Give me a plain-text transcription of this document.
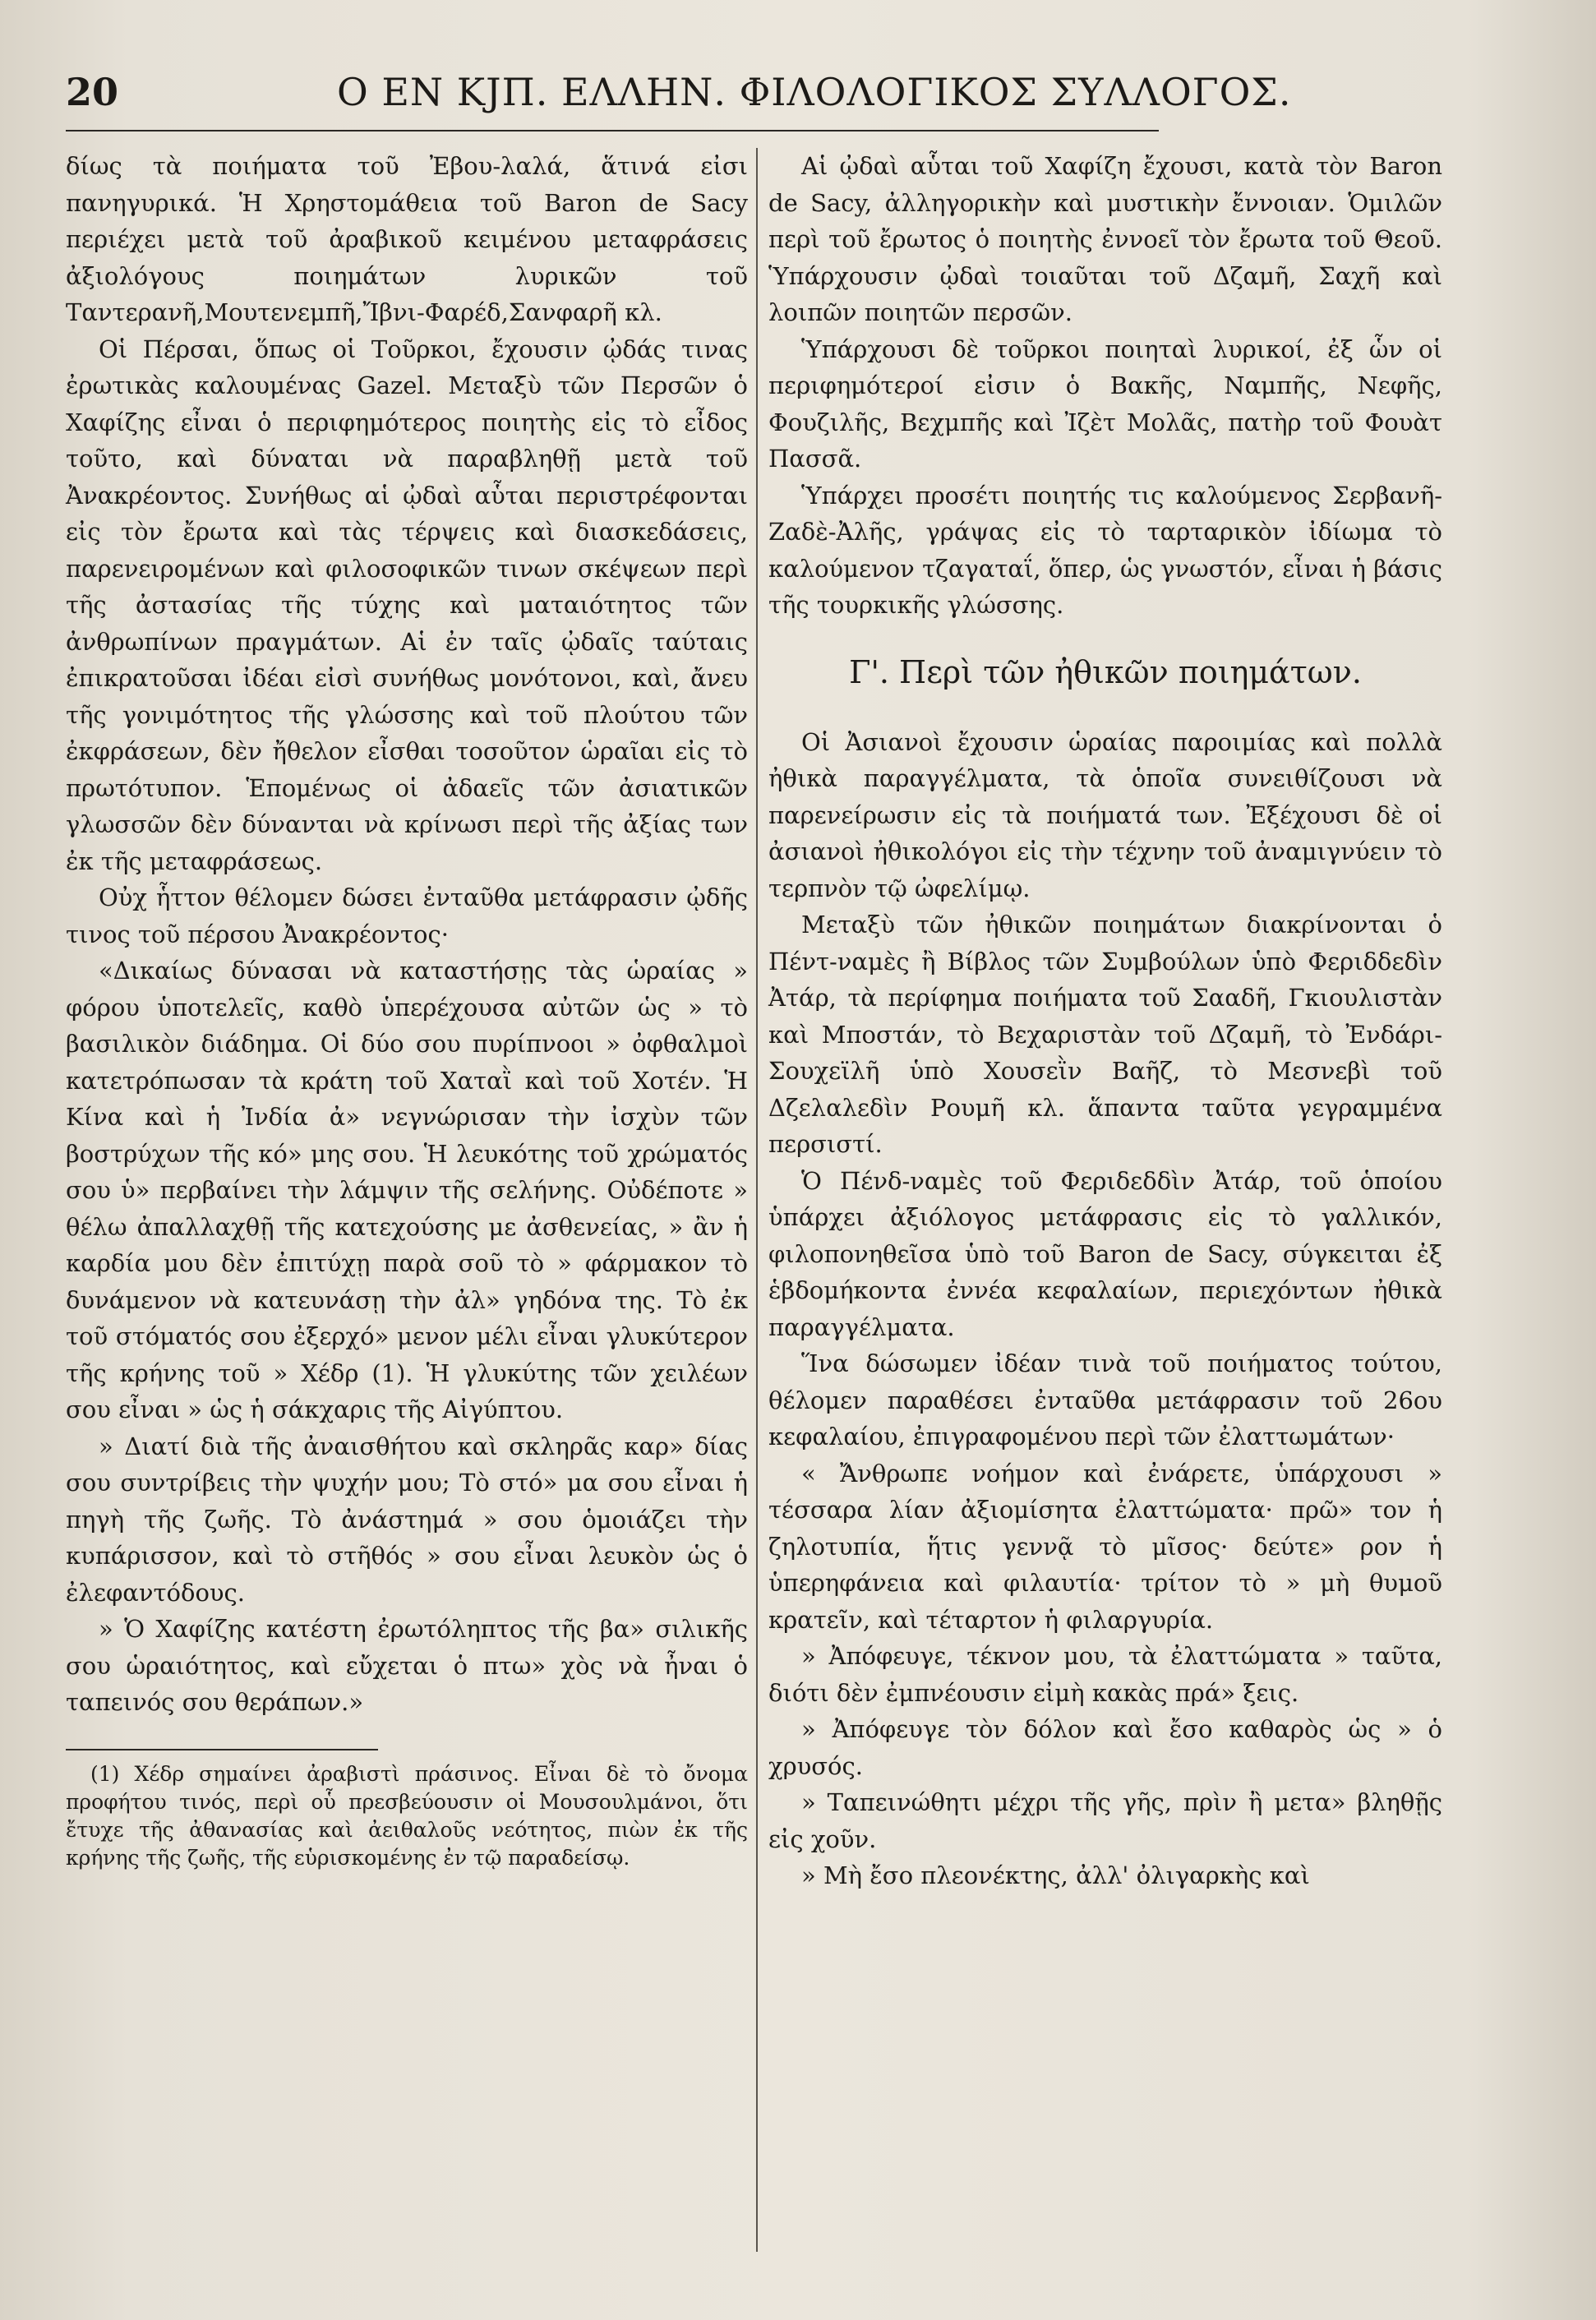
20	Ο ΕΝ ΚͿΠ. ΕΛΛΗΝ. ΦΙΛΟΛΟΓΙΚΟΣ ΣΥΛΛΟΓΟΣ.

δίως τὰ ποιήματα τοῦ Ἐβου-λαλά, ἅτινά εἰσι πανηγυρικά. Ἡ Χρηστομάθεια τοῦ Baron de Sacy περιέχει μετὰ τοῦ ἀραβικοῦ κειμένου μεταφράσεις ἀξιολόγους ποιημάτων λυρικῶν τοῦ Ταντερανῆ,Μουτενεμπῆ,Ἴβνι-Φαρέδ,Σανφαρῆ κλ.

Οἱ Πέρσαι, ὅπως οἱ Τοῦρκοι, ἔχουσιν ᾠδάς τινας ἐρωτικὰς καλουμένας Gazel. Μεταξὺ τῶν Περσῶν ὁ Χαφίζης εἶναι ὁ περιφημότερος ποιητὴς εἰς τὸ εἶδος τοῦτο, καὶ δύναται νὰ παραβληθῇ μετὰ τοῦ Ἀνακρέοντος. Συνήθως αἱ ᾠδαὶ αὗται περιστρέφονται εἰς τὸν ἔρωτα καὶ τὰς τέρψεις καὶ διασκεδάσεις, παρενειρομένων καὶ φιλοσοφικῶν τινων σκέψεων περὶ τῆς ἀστασίας τῆς τύχης καὶ ματαιότητος τῶν ἀνθρωπίνων πραγμάτων. Αἱ ἐν ταῖς ᾠδαῖς ταύταις ἐπικρατοῦσαι ἰδέαι εἰσὶ συνήθως μονότονοι, καὶ, ἄνευ τῆς γονιμότητος τῆς γλώσσης καὶ τοῦ πλούτου τῶν ἐκφράσεων, δὲν ἤθελον εἶσθαι τοσοῦτον ὡραῖαι εἰς τὸ πρωτότυπον. Ἑπομένως οἱ ἀδαεῖς τῶν ἀσιατικῶν γλωσσῶν δὲν δύνανται νὰ κρίνωσι περὶ τῆς ἀξίας των ἐκ τῆς μεταφράσεως.

Οὐχ ἧττον θέλομεν δώσει ἐνταῦθα μετάφρασιν ᾠδῆς τινος τοῦ πέρσου Ἀνακρέοντος·

«Δικαίως δύνασαι νὰ καταστήσῃς τὰς ὡραίας » φόρου ὑποτελεῖς, καθὸ ὑπερέχουσα αὐτῶν ὡς » τὸ βασιλικὸν διάδημα. Οἱ δύο σου πυρίπνοοι » ὀφθαλμοὶ κατετρόπωσαν τὰ κράτη τοῦ Χαταῒ καὶ τοῦ Χοτέν. Ἡ Κίνα καὶ ἡ Ἰνδία ἀ» νεγνώρισαν τὴν ἰσχὺν τῶν βοστρύχων τῆς κό» μης σου. Ἡ λευκότης τοῦ χρώματός σου ὑ» περβαίνει τὴν λάμψιν τῆς σελήνης. Οὐδέποτε » θέλω ἀπαλλαχθῇ τῆς κατεχούσης με ἀσθενείας, » ἂν ἡ καρδία μου δὲν ἐπιτύχῃ παρὰ σοῦ τὸ » φάρμακον τὸ δυνάμενον νὰ κατευνάσῃ τὴν ἀλ» γηδόνα της. Τὸ ἐκ τοῦ στόματός σου ἐξερχό» μενον μέλι εἶναι γλυκύτερον τῆς κρήνης τοῦ » Χέδρ (1). Ἡ γλυκύτης τῶν χειλέων σου εἶναι » ὡς ἡ σάκχαρις τῆς Αἰγύπτου.

» Διατί διὰ τῆς ἀναισθήτου καὶ σκληρᾶς καρ» δίας σου συντρίβεις τὴν ψυχήν μου; Τὸ στό» μα σου εἶναι ἡ πηγὴ τῆς ζωῆς. Τὸ ἀνάστημά » σου ὁμοιάζει τὴν κυπάρισσον, καὶ τὸ στῆθός » σου εἶναι λευκὸν ὡς ὁ ἐλεφαντόδους.

» Ὁ Χαφίζης κατέστη ἐρωτόληπτος τῆς βα» σιλικῆς σου ὡραιότητος, καὶ εὔχεται ὁ πτω» χὸς νὰ ἦναι ὁ ταπεινός σου θεράπων.»

(1) Χέδρ σημαίνει ἀραβιστὶ πράσινος. Εἶναι δὲ τὸ ὄνομα προφήτου τινός, περὶ οὗ πρεσβεύουσιν οἱ Μουσουλμάνοι, ὅτι ἔτυχε τῆς ἀθανασίας καὶ ἀειθαλοῦς νεότητος, πιὼν ἐκ τῆς κρήνης τῆς ζωῆς, τῆς εὑρισκομένης ἐν τῷ παραδείσῳ.

Αἱ ᾠδαὶ αὗται τοῦ Χαφίζη ἔχουσι, κατὰ τὸν Baron de Sacy, ἀλληγορικὴν καὶ μυστικὴν ἔννοιαν. Ὁμιλῶν περὶ τοῦ ἔρωτος ὁ ποιητὴς ἐννοεῖ τὸν ἔρωτα τοῦ Θεοῦ. Ὑπάρχουσιν ᾠδαὶ τοιαῦται τοῦ Δζαμῆ, Σαχῆ καὶ λοιπῶν ποιητῶν περσῶν.

Ὑπάρχουσι δὲ τοῦρκοι ποιηταὶ λυρικοί, ἐξ ὧν οἱ περιφημότεροί εἰσιν ὁ Βακῆς, Ναμπῆς, Νεφῆς, Φουζιλῆς, Βεχμπῆς καὶ Ἰζὲτ Μολᾶς, πατὴρ τοῦ Φουὰτ Πασσᾶ.

Ὑπάρχει προσέτι ποιητής τις καλούμενος Σερβανῆ-Ζαδὲ-Ἀλῆς, γράψας εἰς τὸ ταρταρικὸν ἰδίωμα τὸ καλούμενον τζαγαταΐ, ὅπερ, ὡς γνωστόν, εἶναι ἡ βάσις τῆς τουρκικῆς γλώσσης.

Γ'. Περὶ τῶν ἠθικῶν ποιημάτων.

Οἱ Ἀσιανοὶ ἔχουσιν ὡραίας παροιμίας καὶ πολλὰ ἠθικὰ παραγγέλματα, τὰ ὁποῖα συνειθίζουσι νὰ παρενείρωσιν εἰς τὰ ποιήματά των. Ἐξέχουσι δὲ οἱ ἀσιανοὶ ἠθικολόγοι εἰς τὴν τέχνην τοῦ ἀναμιγνύειν τὸ τερπνὸν τῷ ὠφελίμῳ.

Μεταξὺ τῶν ἠθικῶν ποιημάτων διακρίνονται ὁ Πέντ-ναμὲς ἢ Βίβλος τῶν Συμβούλων ὑπὸ Φεριδδεδὶν Ἀτάρ, τὰ περίφημα ποιήματα τοῦ Σααδῆ, Γκιουλιστὰν καὶ Μποστάν, τὸ Βεχαριστὰν τοῦ Δζαμῆ, τὸ Ἐνδάρι-Σουχεϊλῆ ὑπὸ Χουσεῒν Βαῆζ, τὸ Μεσνεβὶ τοῦ Δζελαλεδὶν Ρουμῆ κλ. ἅπαντα ταῦτα γεγραμμένα περσιστί.

Ὁ Πένδ-ναμὲς τοῦ Φεριδεδδὶν Ἀτάρ, τοῦ ὁποίου ὑπάρχει ἀξιόλογος μετάφρασις εἰς τὸ γαλλικόν, φιλοπονηθεῖσα ὑπὸ τοῦ Baron de Sacy, σύγκειται ἐξ ἑβδομήκοντα ἐννέα κεφαλαίων, περιεχόντων ἠθικὰ παραγγέλματα.

Ἵνα δώσωμεν ἰδέαν τινὰ τοῦ ποιήματος τούτου, θέλομεν παραθέσει ἐνταῦθα μετάφρασιν τοῦ 26ου κεφαλαίου, ἐπιγραφομένου περὶ τῶν ἐλαττωμάτων·

« Ἄνθρωπε νοήμον καὶ ἐνάρετε, ὑπάρχουσι » τέσσαρα λίαν ἀξιομίσητα ἐλαττώματα· πρῶ» τον ἡ ζηλοτυπία, ἥτις γεννᾷ τὸ μῖσος· δεύτε» ρον ἡ ὑπερηφάνεια καὶ φιλαυτία· τρίτον τὸ » μὴ θυμοῦ κρατεῖν, καὶ τέταρτον ἡ φιλαργυρία.

» Ἀπόφευγε, τέκνον μου, τὰ ἐλαττώματα » ταῦτα, διότι δὲν ἐμπνέουσιν εἰμὴ κακὰς πρά» ξεις.

» Ἀπόφευγε τὸν δόλον καὶ ἔσο καθαρὸς ὡς » ὁ χρυσός.

» Ταπεινώθητι μέχρι τῆς γῆς, πρὶν ἢ μετα» βληθῇς εἰς χοῦν.

» Μὴ ἔσο πλεονέκτης, ἀλλ' ὀλιγαρκὴς καὶ
